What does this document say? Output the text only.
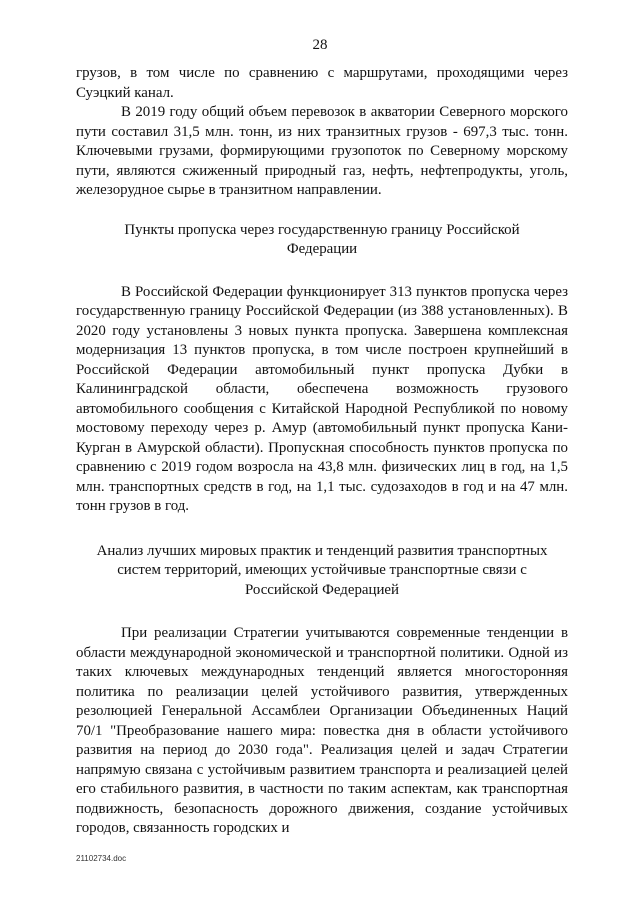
28

грузов, в том числе по сравнению с маршрутами, проходящими через Суэцкий канал.

В 2019 году общий объем перевозок в акватории Северного морского пути составил 31,5 млн. тонн, из них транзитных грузов - 697,3 тыс. тонн. Ключевыми грузами, формирующими грузопоток по Северному морскому пути, являются сжиженный природный газ, нефть, нефтепродукты, уголь, железорудное сырье в транзитном направлении.

Пункты пропуска через государственную границу Российской Федерации

В Российской Федерации функционирует 313 пунктов пропуска через государственную границу Российской Федерации (из 388 установленных). В 2020 году установлены 3 новых пункта пропуска. Завершена комплексная модернизация 13 пунктов пропуска, в том числе построен крупнейший в Российской Федерации автомобильный пункт пропуска Дубки в Калининградской области, обеспечена возможность грузового автомобильного сообщения с Китайской Народной Республикой по новому мостовому переходу через р. Амур (автомобильный пункт пропуска Кани-Курган в Амурской области). Пропускная способность пунктов пропуска по сравнению с 2019 годом возросла на 43,8 млн. физических лиц в год, на 1,5 млн. транспортных средств в год, на 1,1 тыс. судозаходов в год и на 47 млн. тонн грузов в год.

Анализ лучших мировых практик и тенденций развития транспортных систем территорий, имеющих устойчивые транспортные связи с Российской Федерацией

При реализации Стратегии учитываются современные тенденции в области международной экономической и транспортной политики. Одной из таких ключевых международных тенденций является многосторонняя политика по реализации целей устойчивого развития, утвержденных резолюцией Генеральной Ассамблеи Организации Объединенных Наций 70/1 "Преобразование нашего мира: повестка дня в области устойчивого развития на период до 2030 года". Реализация целей и задач Стратегии напрямую связана с устойчивым развитием транспорта и реализацией целей его стабильного развития, в частности по таким аспектам, как транспортная подвижность, безопасность дорожного движения, создание устойчивых городов, связанность городских и

21102734.doc
